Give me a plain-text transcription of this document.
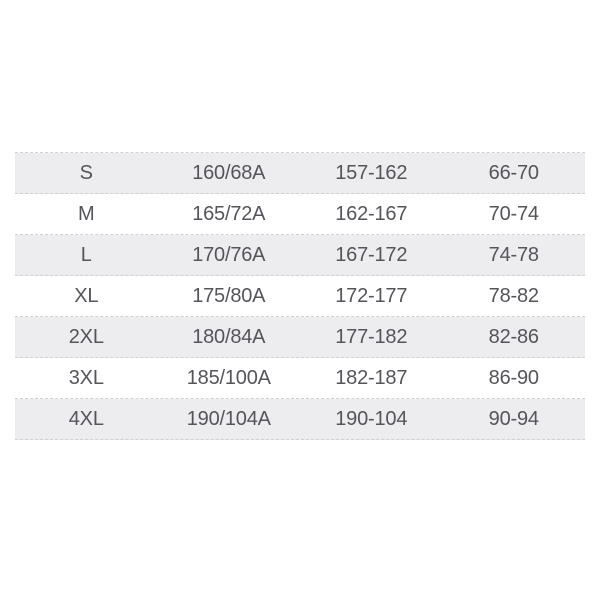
S	160/68A	157-162	66-70
M	165/72A	162-167	70-74
L	170/76A	167-172	74-78
XL	175/80A	172-177	78-82
2XL	180/84A	177-182	82-86
3XL	185/100A	182-187	86-90
4XL	190/104A	190-104	90-94
